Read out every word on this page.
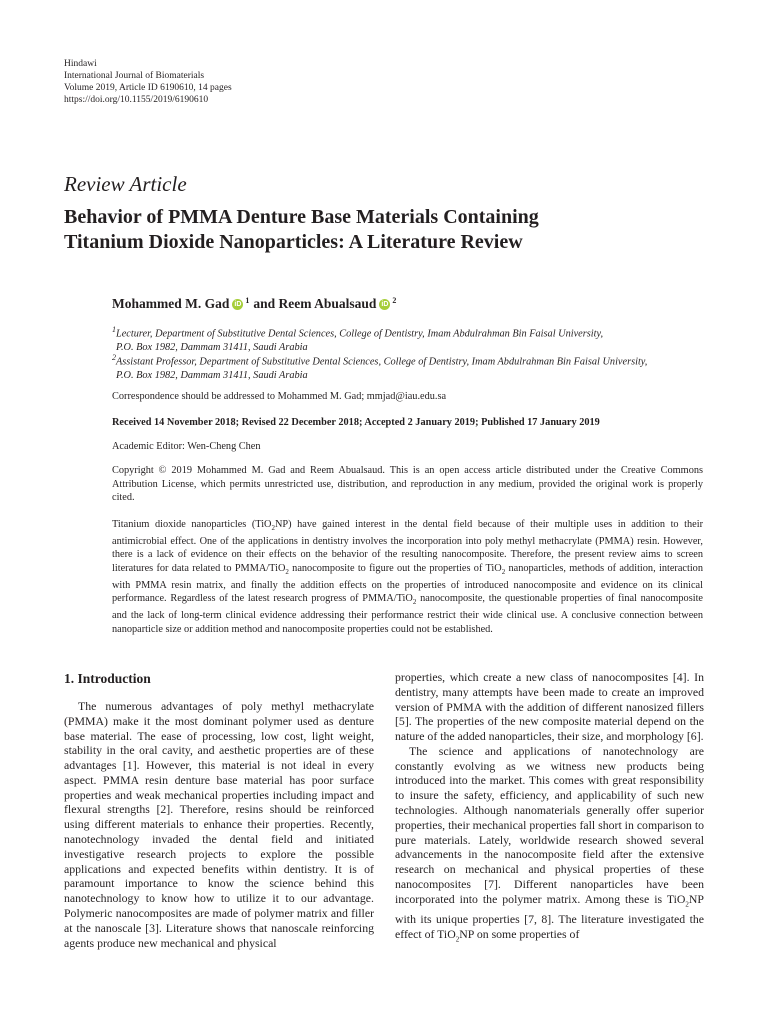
Hindawi
International Journal of Biomaterials
Volume 2019, Article ID 6190610, 14 pages
https://doi.org/10.1155/2019/6190610
Review Article
Behavior of PMMA Denture Base Materials Containing
Titanium Dioxide Nanoparticles: A Literature Review
Mohammed M. Gad iD $^1$ and Reem Abualsaud iD $^2$
$^1$Lecturer, Department of Substitutive Dental Sciences, College of Dentistry, Imam Abdulrahman Bin Faisal University,
P.O. Box 1982, Dammam 31411, Saudi Arabia
$^2$Assistant Professor, Department of Substitutive Dental Sciences, College of Dentistry, Imam Abdulrahman Bin Faisal University,
P.O. Box 1982, Dammam 31411, Saudi Arabia
Correspondence should be addressed to Mohammed M. Gad; mmjad@iau.edu.sa
Received 14 November 2018; Revised 22 December 2018; Accepted 2 January 2019; Published 17 January 2019
Academic Editor: Wen-Cheng Chen
Copyright © 2019 Mohammed M. Gad and Reem Abualsaud. This is an open access article distributed under the Creative Commons Attribution License, which permits unrestricted use, distribution, and reproduction in any medium, provided the original work is properly cited.
Titanium dioxide nanoparticles (TiO$_2$NP) have gained interest in the dental field because of their multiple uses in addition to their antimicrobial effect. One of the applications in dentistry involves the incorporation into poly methyl methacrylate (PMMA) resin. However, there is a lack of evidence on their effects on the behavior of the resulting nanocomposite. Therefore, the present review aims to screen literatures for data related to PMMA/TiO$_2$ nanocomposite to figure out the properties of TiO$_2$ nanoparticles, methods of addition, interaction with PMMA resin matrix, and finally the addition effects on the properties of introduced nanocomposite and evidence on its clinical performance. Regardless of the latest research progress of PMMA/TiO$_2$ nanocomposite, the questionable properties of final nanocomposite and the lack of long-term clinical evidence addressing their performance restrict their wide clinical use. A conclusive connection between nanoparticle size or addition method and nanocomposite properties could not be established.
1. Introduction

The numerous advantages of poly methyl methacrylate (PMMA) make it the most dominant polymer used as denture base material. The ease of processing, low cost, light weight, stability in the oral cavity, and aesthetic properties are of these advantages [1]. However, this material is not ideal in every aspect. PMMA resin denture base material has poor surface properties and weak mechanical properties including impact and flexural strengths [2]. Therefore, resins should be reinforced using different materials to enhance their properties. Recently, nanotechnology invaded the dental field and initiated investigative research projects to explore the possible applications and expected benefits within dentistry. It is of paramount importance to know the science behind this nanotechnology to know how to utilize it to our advantage. Polymeric nanocomposites are made of polymer matrix and filler at the nanoscale [3]. Literature shows that nanoscale reinforcing agents produce new mechanical and physical

properties, which create a new class of nanocomposites [4]. In dentistry, many attempts have been made to create an improved version of PMMA with the addition of different nanosized fillers [5]. The properties of the new composite material depend on the nature of the added nanoparticles, their size, and morphology [6].

The science and applications of nanotechnology are constantly evolving as we witness new products being introduced into the market. This comes with great responsibility to insure the safety, efficiency, and applicability of such new technologies. Although nanomaterials generally offer superior properties, their mechanical properties fall short in comparison to pure materials. Lately, worldwide research showed several advancements in the nanocomposite field after the extensive research on mechanical and physical properties of these nanocomposites [7]. Different nanoparticles have been incorporated into the polymer matrix. Among these is TiO$_2$NP with its unique properties [7, 8]. The literature investigated the effect of TiO$_2$NP on some properties of
